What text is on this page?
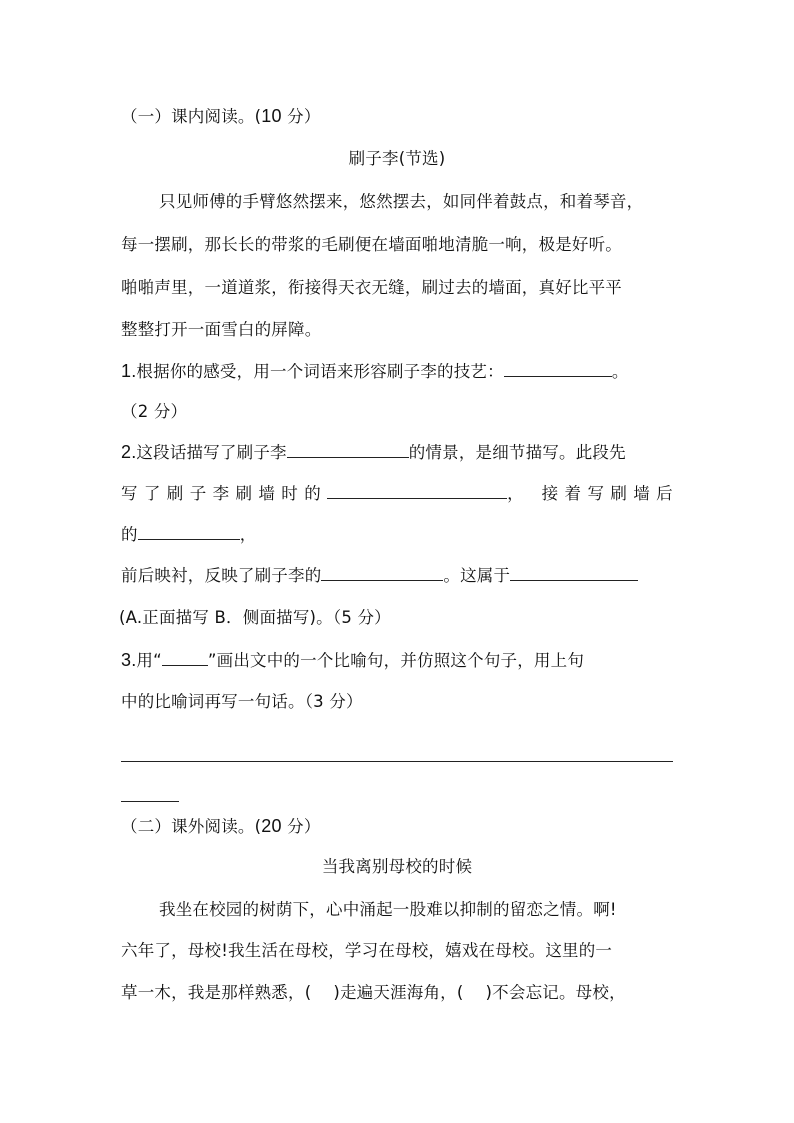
（一）课内阅读。(10 分）
刷子李(节选)
只见师傅的手臂悠然摆来，悠然摆去，如同伴着鼓点，和着琴音，
每一摆刷，那长长的带浆的毛刷便在墙面啪地清脆一响，极是好听。
啪啪声里，一道道浆，衔接得天衣无缝，刷过去的墙面，真好比平平
整整打开一面雪白的屏障。
1.根据你的感受，用一个词语来形容刷子李的技艺：	。
（2 分）
2.这段话描写了刷子李	的情景，是细节描写。此段先
写了刷子李刷墙时的	， 接着写刷墙后
的	，
前后映衬，反映了刷子李的	。这属于
(A.正面描写 B．侧面描写)。（5 分）
3.用“	”画出文中的一个比喻句，并仿照这个句子，用上句
中的比喻词再写一句话。（3 分）
（二）课外阅读。(20 分）
当我离别母校的时候
我坐在校园的树荫下，心中涌起一股难以抑制的留恋之情。啊!
六年了，母校!我生活在母校，学习在母校，嬉戏在母校。这里的一
草一木，我是那样熟悉，( )走遍天涯海角，( )不会忘记。母校，
